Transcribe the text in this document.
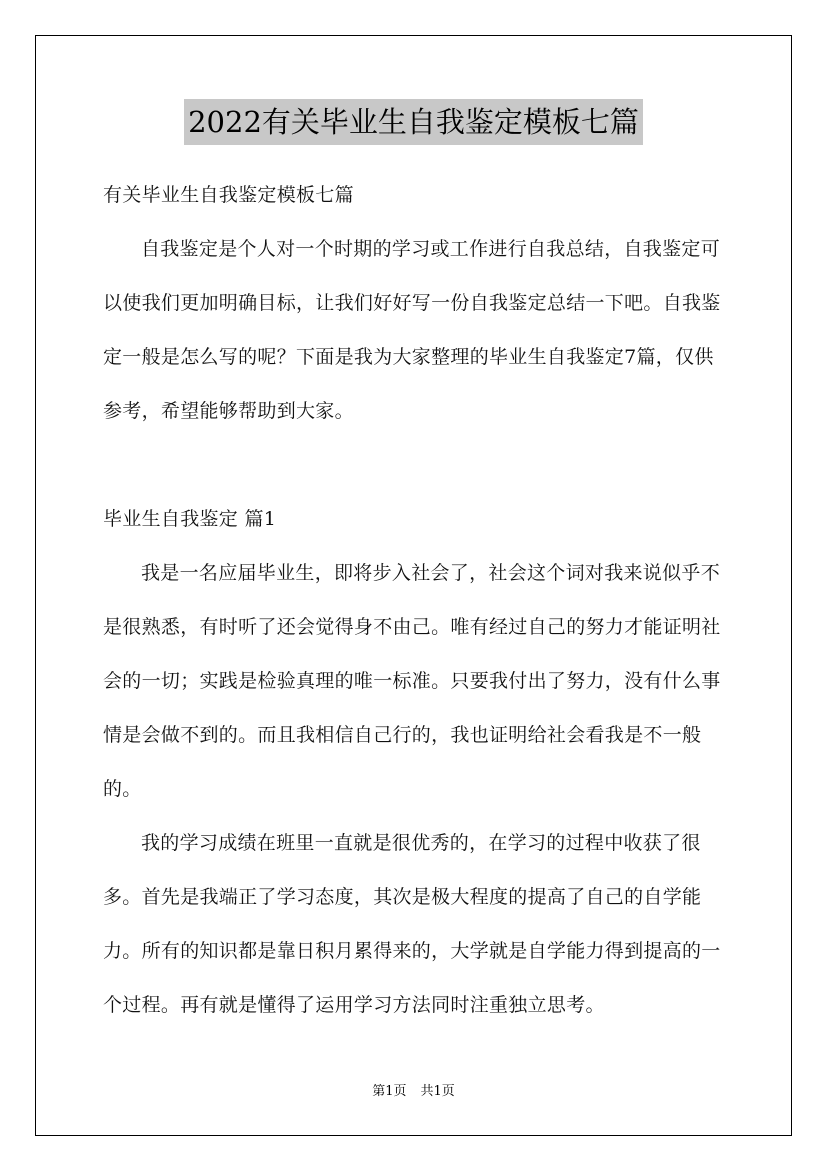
2022有关毕业生自我鉴定模板七篇

有关毕业生自我鉴定模板七篇

自我鉴定是个人对一个时期的学习或工作进行自我总结，自我鉴定可以使我们更加明确目标，让我们好好写一份自我鉴定总结一下吧。自我鉴定一般是怎么写的呢？下面是我为大家整理的毕业生自我鉴定7篇，仅供参考，希望能够帮助到大家。

毕业生自我鉴定 篇1

我是一名应届毕业生，即将步入社会了，社会这个词对我来说似乎不是很熟悉，有时听了还会觉得身不由己。唯有经过自己的努力才能证明社会的一切；实践是检验真理的唯一标准。只要我付出了努力，没有什么事情是会做不到的。而且我相信自己行的，我也证明给社会看我是不一般的。

我的学习成绩在班里一直就是很优秀的，在学习的过程中收获了很多。首先是我端正了学习态度，其次是极大程度的提高了自己的自学能力。所有的知识都是靠日积月累得来的，大学就是自学能力得到提高的一个过程。再有就是懂得了运用学习方法同时注重独立思考。

第1页 共1页
